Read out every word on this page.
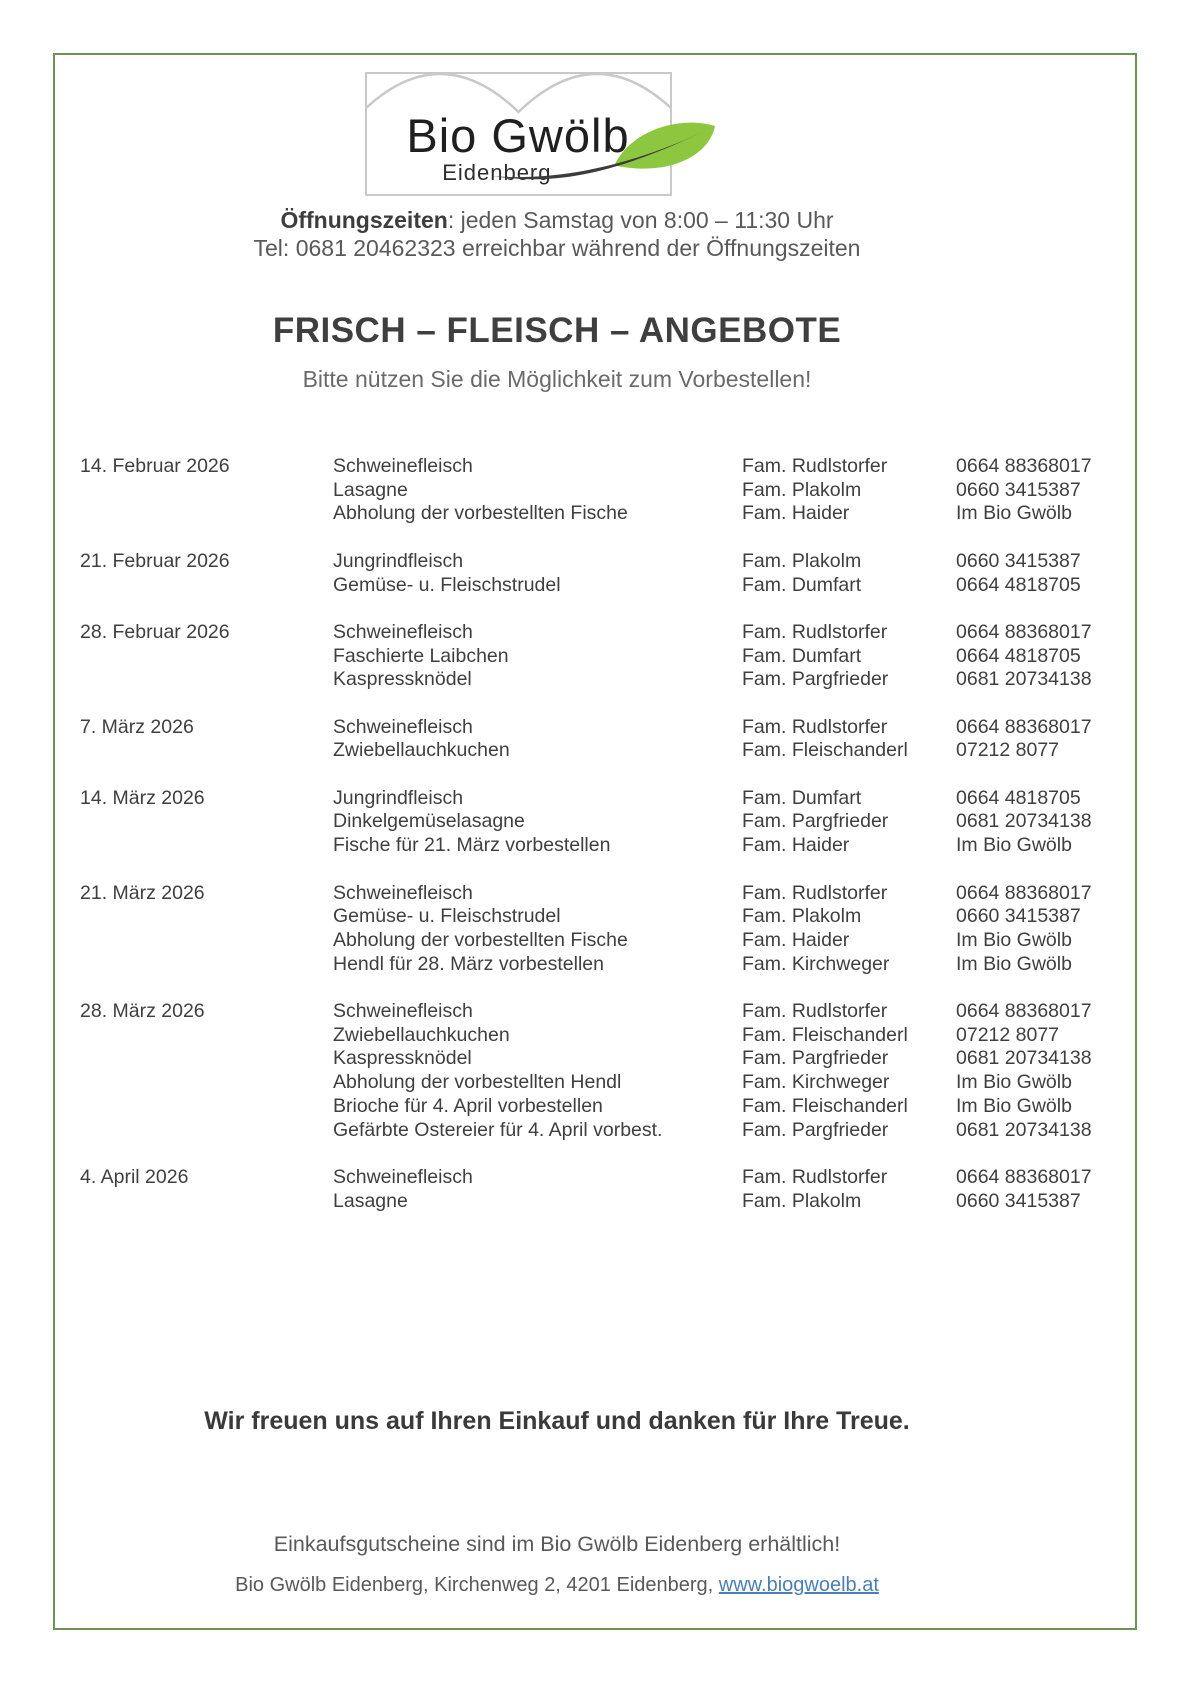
Bio Gwölb
Eidenberg
Öffnungszeiten: jeden Samstag von 8:00 – 11:30 Uhr
Tel: 0681 20462323 erreichbar während der Öffnungszeiten
FRISCH – FLEISCH – ANGEBOTE
Bitte nützen Sie die Möglichkeit zum Vorbestellen!
14. Februar 2026	Schweinefleisch	Fam. Rudlstorfer	0664 88368017
Lasagne	Fam. Plakolm	0660 3415387
Abholung der vorbestellten Fische	Fam. Haider	Im Bio Gwölb
21. Februar 2026	Jungrindfleisch	Fam. Plakolm	0660 3415387
Gemüse- u. Fleischstrudel	Fam. Dumfart	0664 4818705
28. Februar 2026	Schweinefleisch	Fam. Rudlstorfer	0664 88368017
Faschierte Laibchen	Fam. Dumfart	0664 4818705
Kaspressknödel	Fam. Pargfrieder	0681 20734138
7. März 2026	Schweinefleisch	Fam. Rudlstorfer	0664 88368017
Zwiebellauchkuchen	Fam. Fleischanderl	07212 8077
14. März 2026	Jungrindfleisch	Fam. Dumfart	0664 4818705
Dinkelgemüselasagne	Fam. Pargfrieder	0681 20734138
Fische für 21. März vorbestellen	Fam. Haider	Im Bio Gwölb
21. März 2026	Schweinefleisch	Fam. Rudlstorfer	0664 88368017
Gemüse- u. Fleischstrudel	Fam. Plakolm	0660 3415387
Abholung der vorbestellten Fische	Fam. Haider	Im Bio Gwölb
Hendl für 28. März vorbestellen	Fam. Kirchweger	Im Bio Gwölb
28. März 2026	Schweinefleisch	Fam. Rudlstorfer	0664 88368017
Zwiebellauchkuchen	Fam. Fleischanderl	07212 8077
Kaspressknödel	Fam. Pargfrieder	0681 20734138
Abholung der vorbestellten Hendl	Fam. Kirchweger	Im Bio Gwölb
Brioche für 4. April vorbestellen	Fam. Fleischanderl	Im Bio Gwölb
Gefärbte Ostereier für 4. April vorbest.	Fam. Pargfrieder	0681 20734138
4. April 2026	Schweinefleisch	Fam. Rudlstorfer	0664 88368017
Lasagne	Fam. Plakolm	0660 3415387
Wir freuen uns auf Ihren Einkauf und danken für Ihre Treue.
Einkaufsgutscheine sind im Bio Gwölb Eidenberg erhältlich!
Bio Gwölb Eidenberg, Kirchenweg 2, 4201 Eidenberg, www.biogwoelb.at
